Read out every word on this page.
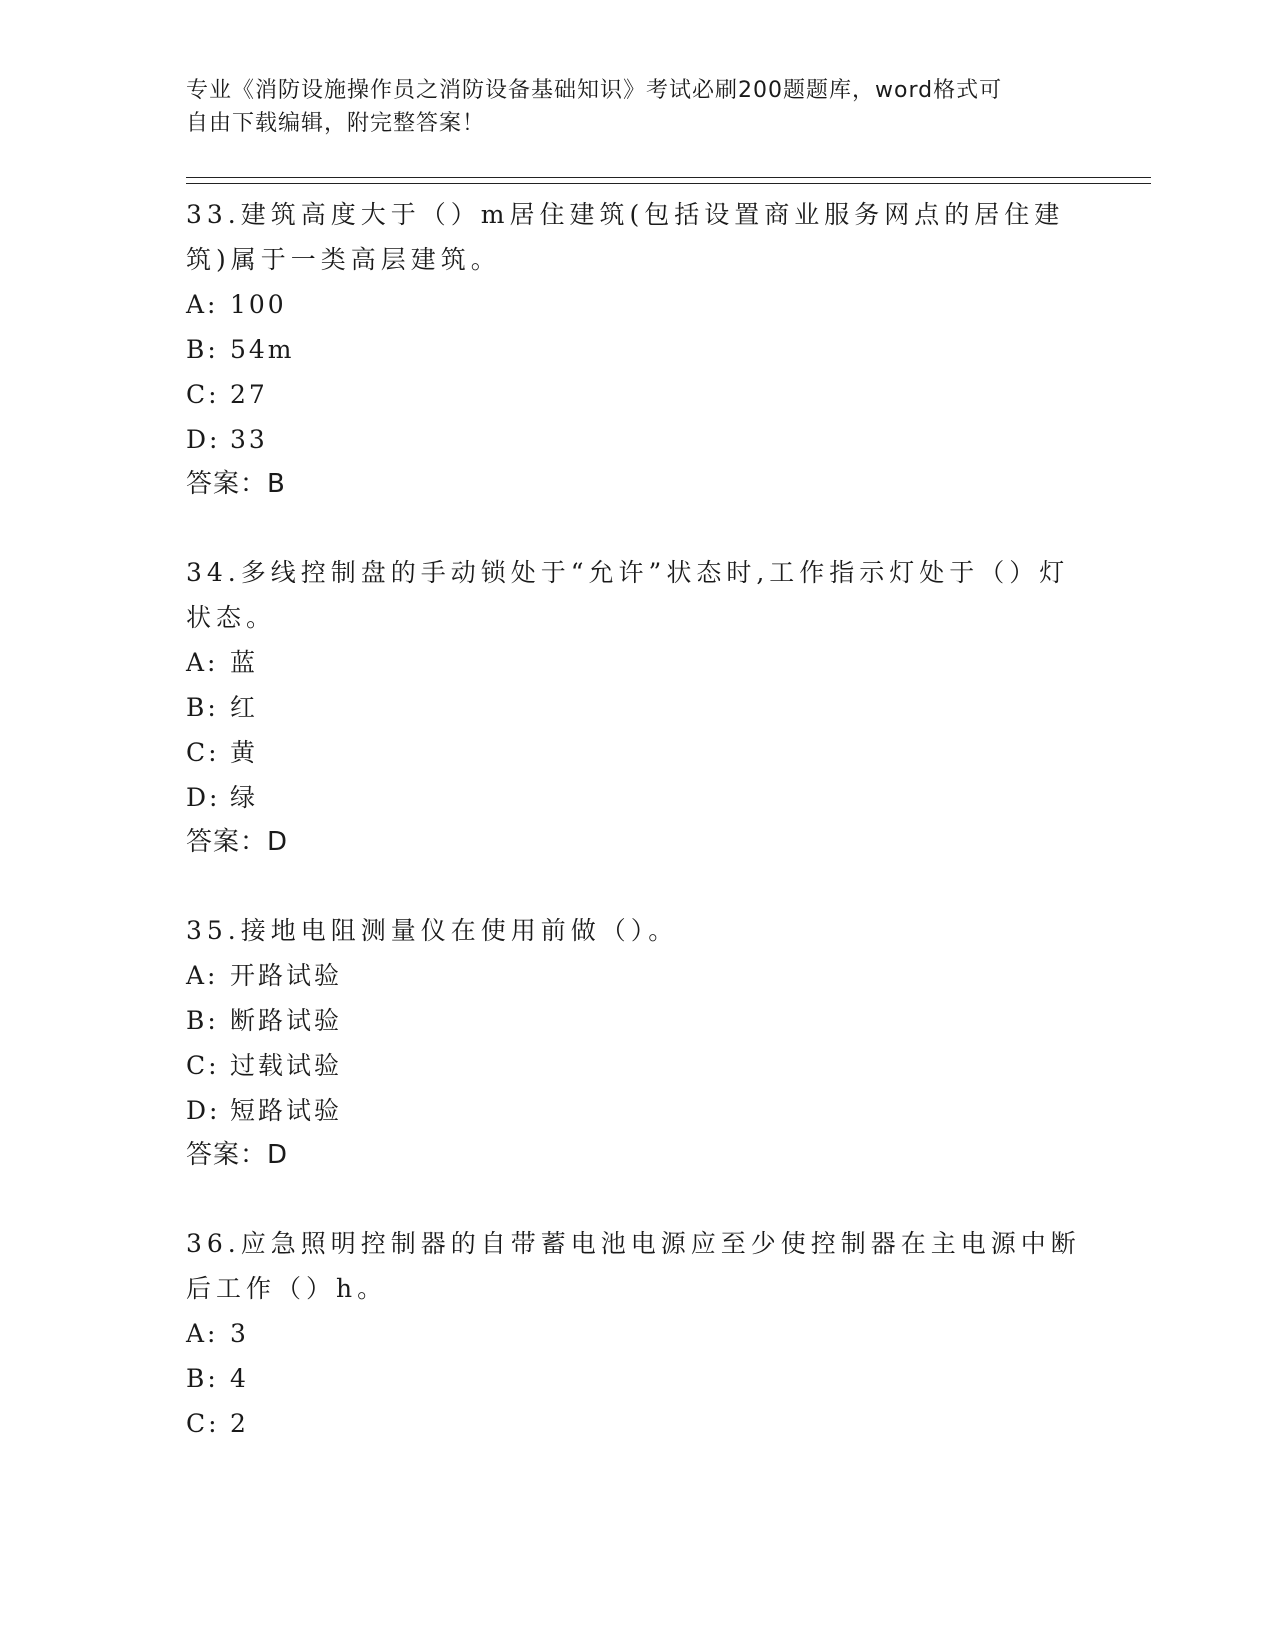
专业《消防设施操作员之消防设备基础知识》考试必刷200题题库，word格式可
自由下载编辑，附完整答案！

33.建筑高度大于（）m居住建筑(包括设置商业服务网点的居住建筑)属于一类高层建筑。

A: 100
B: 54m
C: 27
D: 33
答案：B

34.多线控制盘的手动锁处于“允许”状态时,工作指示灯处于（）灯状态。

A: 蓝
B: 红
C: 黄
D: 绿
答案：D

35.接地电阻测量仪在使用前做（）。

A: 开路试验
B: 断路试验
C: 过载试验
D: 短路试验
答案：D

36.应急照明控制器的自带蓄电池电源应至少使控制器在主电源中断后工作（）h。

A: 3
B: 4
C: 2
